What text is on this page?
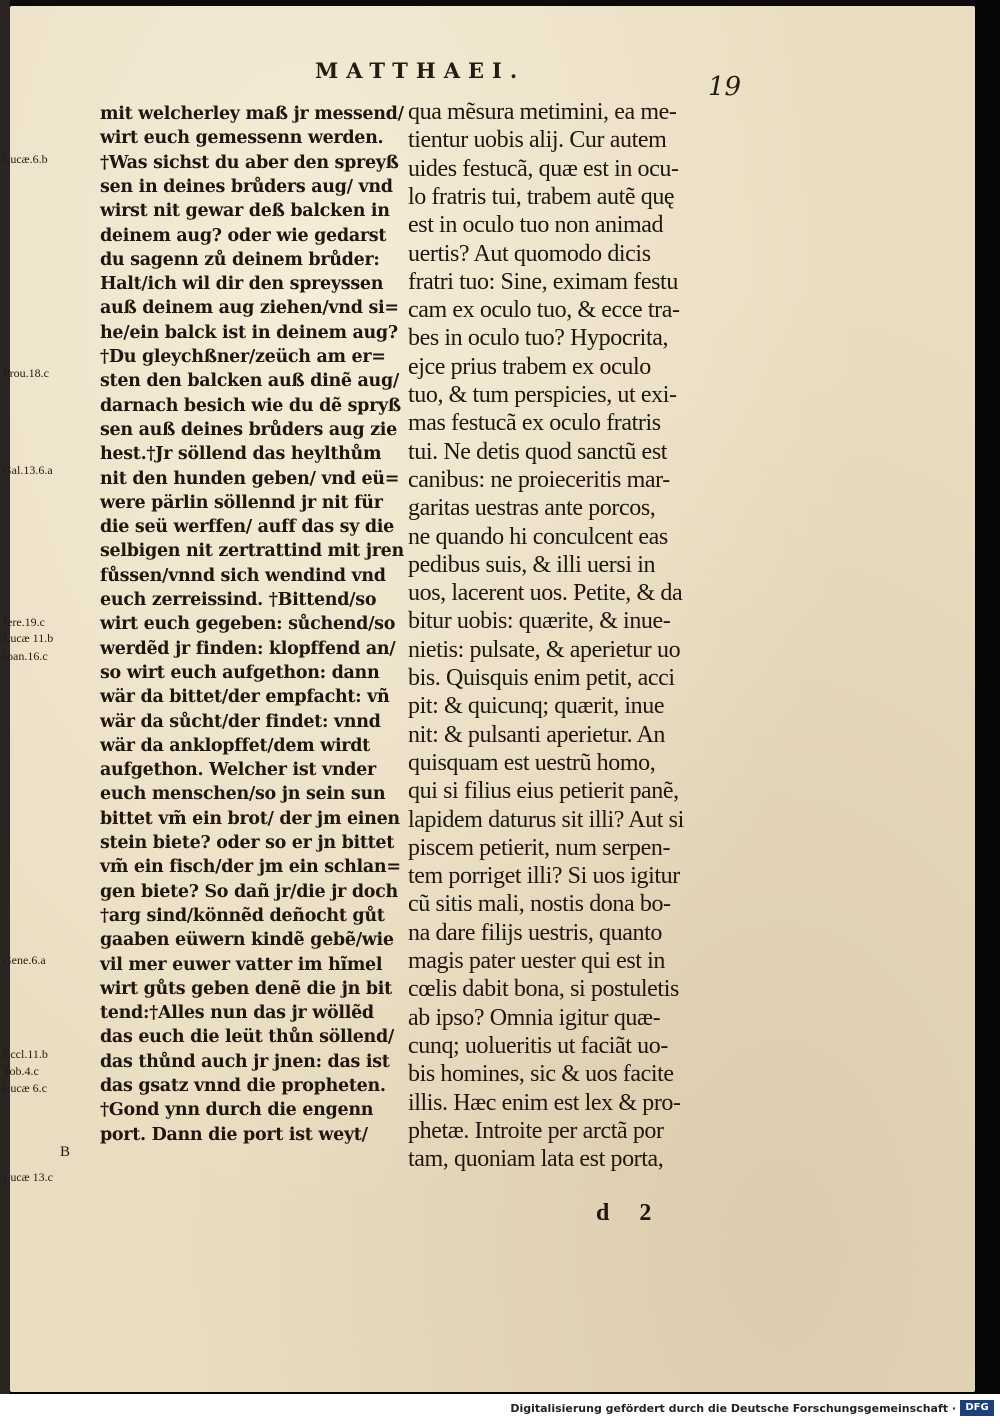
MATTHAEI.
19
Lucæ.6.b
Prou.18.c
Gal.13.6.a
Iere.19.c
Lucæ 11.b
Ioan.16.c
Gene.6.a
Eccl.11.b
Tob.4.c
Lucæ 6.c
Lucæ 13.c
B
mit welcherley maß jr messend/
wirt euch gemessenn werden.
†Was sichst du aber den spreyß
sen in deines brůders aug/ vnd
wirst nit gewar deß balcken in
deinem aug? oder wie gedarst
du sagenn zů deinem brůder:
Halt/ich wil dir den spreyssen
auß deinem aug ziehen/vnd si=
he/ein balck ist in deinem aug?
†Du gleychßner/zeüch am er=
sten den balcken auß dinẽ aug/
darnach besich wie du dẽ spryß
sen auß deines brůders aug zie
hest.†Jr söllend das heylthům
nit den hunden geben/ vnd eü=
were pärlin söllennd jr nit für
die seü werffen/ auff das sy die
selbigen nit zertrattind mit jren
fůssen/vnnd sich wendind vnd
euch zerreissind. †Bittend/so
wirt euch gegeben: sůchend/so
werdẽd jr finden: klopffend an/
so wirt euch aufgethon: dann
wär da bittet/der empfacht: vñ
wär da sůcht/der findet: vnnd
wär da anklopffet/dem wirdt
aufgethon. Welcher ist vnder
euch menschen/so jn sein sun
bittet vm̃ ein brot/ der jm einen
stein biete? oder so er jn bittet
vm̃ ein fisch/der jm ein schlan=
gen biete? So dañ jr/die jr doch
†arg sind/könnẽd deñocht gůt
gaaben eüwern kindẽ gebẽ/wie
vil mer euwer vatter im hĩmel
wirt gůts geben denẽ die jn bit
tend:†Alles nun das jr wöllẽd
das euch die leüt thůn söllend/
das thůnd auch jr jnen: das ist
das gsatz vnnd die propheten.
†Gond ynn durch die engenn
port. Dann die port ist weyt/
qua mẽsura metimini, ea me-
tientur uobis alij. Cur autem
uides festucã, quæ est in ocu-
lo fratris tui, trabem autẽ quę
est in oculo tuo non animad
uertis? Aut quomodo dicis
fratri tuo: Sine, eximam festu
cam ex oculo tuo, & ecce tra-
bes in oculo tuo? Hypocrita,
ejce prius trabem ex oculo
tuo, & tum perspicies, ut exi-
mas festucã ex oculo fratris
tui. Ne detis quod sanctũ est
canibus: ne proieceritis mar-
garitas uestras ante porcos,
ne quando hi conculcent eas
pedibus suis, & illi uersi in
uos, lacerent uos. Petite, & da
bitur uobis: quærite, & inue-
nietis: pulsate, & aperietur uo
bis. Quisquis enim petit, acci
pit: & quicunq; quærit, inue
nit: & pulsanti aperietur. An
quisquam est uestrũ homo,
qui si filius eius petierit panẽ,
lapidem daturus sit illi? Aut si
piscem petierit, num serpen-
tem porriget illi? Si uos igitur
cũ sitis mali, nostis dona bo-
na dare filijs uestris, quanto
magis pater uester qui est in
cœlis dabit bona, si postuletis
ab ipso? Omnia igitur quæ-
cunq; uolueritis ut faciãt uo-
bis homines, sic & uos facite
illis. Hæc enim est lex & pro-
phetæ. Introite per arctã por
tam, quoniam lata est porta,
d 2
Digitalisierung gefördert durch die Deutsche Forschungsgemeinschaft · DFG
